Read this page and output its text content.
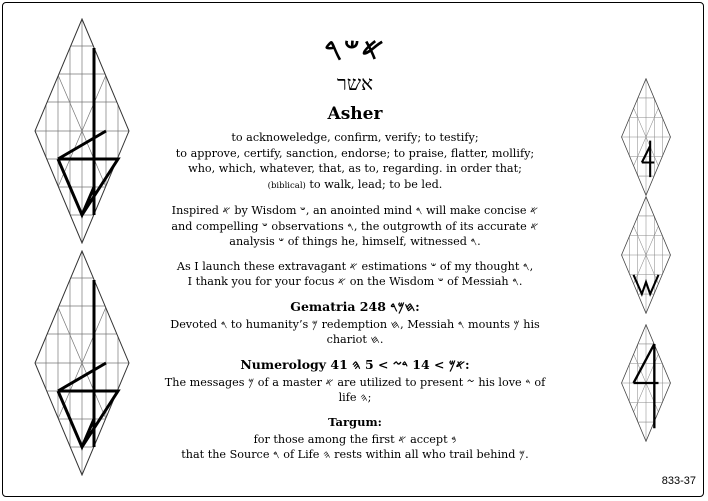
𐤀𐤔𐤓
אשר
Asher

to acknoweledge, confirm, verify; to testify;

to approve, certify, sanction, endorse; to praise, flatter, mollify;

who, which, whatever, that, as to, regarding. in order that;

(biblical) to walk, lead; to be led.

Inspired 𐤀 by Wisdom 𐤔, an anointed mind 𐤓 will make concise 𐤀

and compelling 𐤔 observations 𐤓, the outgrowth of its accurate 𐤀

analysis 𐤔 of things he, himself, witnessed 𐤓.

As I launch these extravagant 𐤀 estimations 𐤔 of my thought 𐤓,

I thank you for your focus 𐤀 on the Wisdom 𐤔 of Messiah 𐤓.

Gematria 248 𐤇𐤌𐤓:
Devoted 𐤓 to humanity’s 𐤌 redemption 𐤇, Messiah 𐤓 mounts 𐤌 his chariot 𐤇.
Numerology 41 𐤀𐤌 > 14 𐤃𐤆 > 5 𐤄:
The messages 𐤌 of a master 𐤀 are utilized to present 𐤆 his love 𐤃 of life 𐤄;
Targum:

for those among the first 𐤀 accept 𐤁

that the Source 𐤓 of Life 𐤄 rests within all who trail behind 𐤌.

833-37
